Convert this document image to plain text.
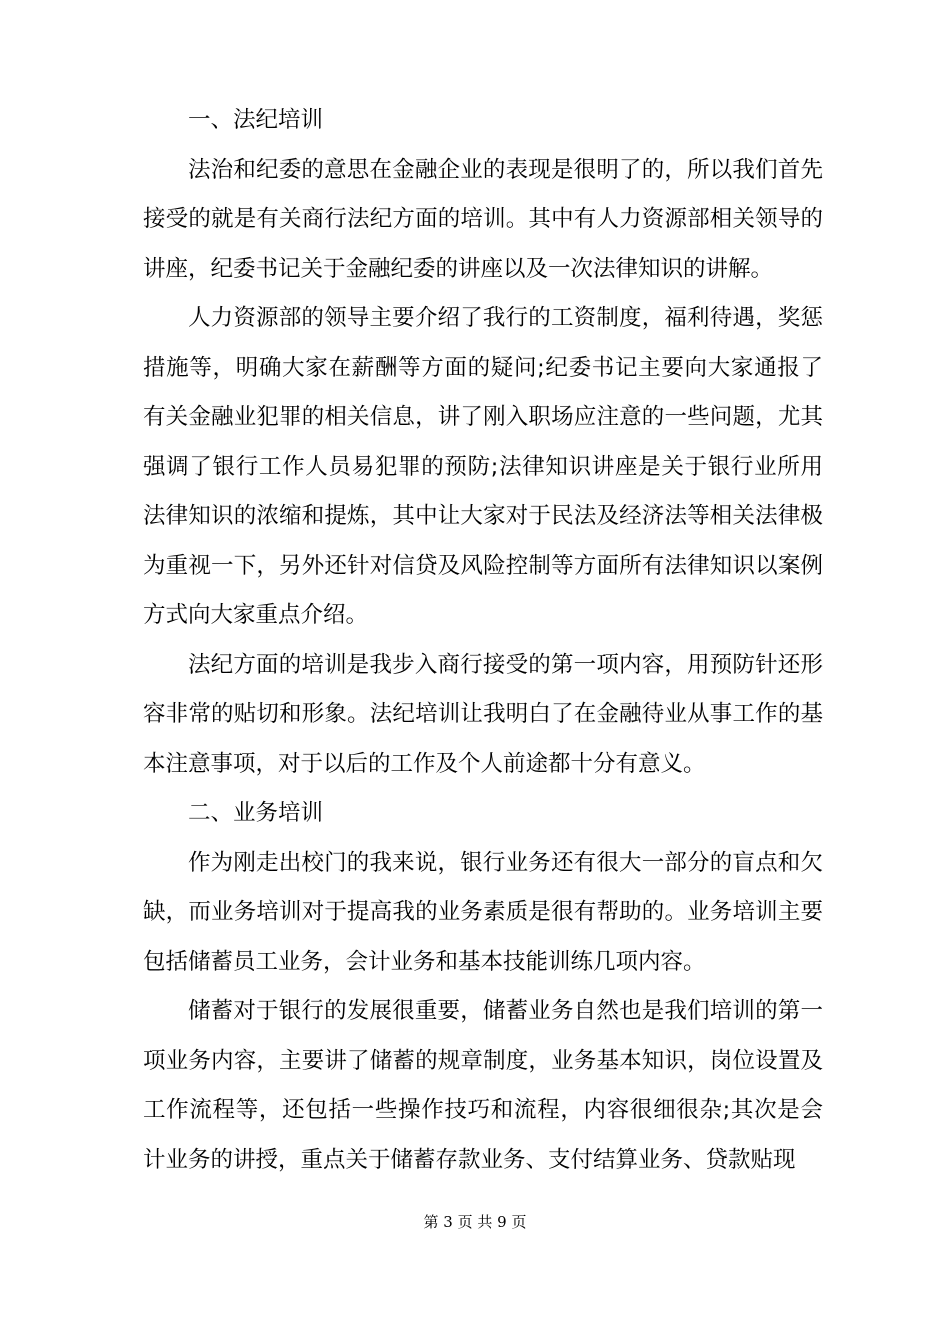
一、法纪培训

法治和纪委的意思在金融企业的表现是很明了的，所以我们首先接受的就是有关商行法纪方面的培训。其中有人力资源部相关领导的讲座，纪委书记关于金融纪委的讲座以及一次法律知识的讲解。

人力资源部的领导主要介绍了我行的工资制度，福利待遇，奖惩措施等，明确大家在薪酬等方面的疑问;纪委书记主要向大家通报了有关金融业犯罪的相关信息，讲了刚入职场应注意的一些问题，尤其强调了银行工作人员易犯罪的预防;法律知识讲座是关于银行业所用法律知识的浓缩和提炼，其中让大家对于民法及经济法等相关法律极为重视一下，另外还针对信贷及风险控制等方面所有法律知识以案例方式向大家重点介绍。

法纪方面的培训是我步入商行接受的第一项内容，用预防针还形容非常的贴切和形象。法纪培训让我明白了在金融待业从事工作的基本注意事项，对于以后的工作及个人前途都十分有意义。

二、业务培训

作为刚走出校门的我来说，银行业务还有很大一部分的盲点和欠缺，而业务培训对于提高我的业务素质是很有帮助的。业务培训主要包括储蓄员工业务，会计业务和基本技能训练几项内容。

储蓄对于银行的发展很重要，储蓄业务自然也是我们培训的第一项业务内容，主要讲了储蓄的规章制度，业务基本知识，岗位设置及工作流程等，还包括一些操作技巧和流程，内容很细很杂;其次是会计业务的讲授，重点关于储蓄存款业务、支付结算业务、贷款贴现

第 3 页 共 9 页
